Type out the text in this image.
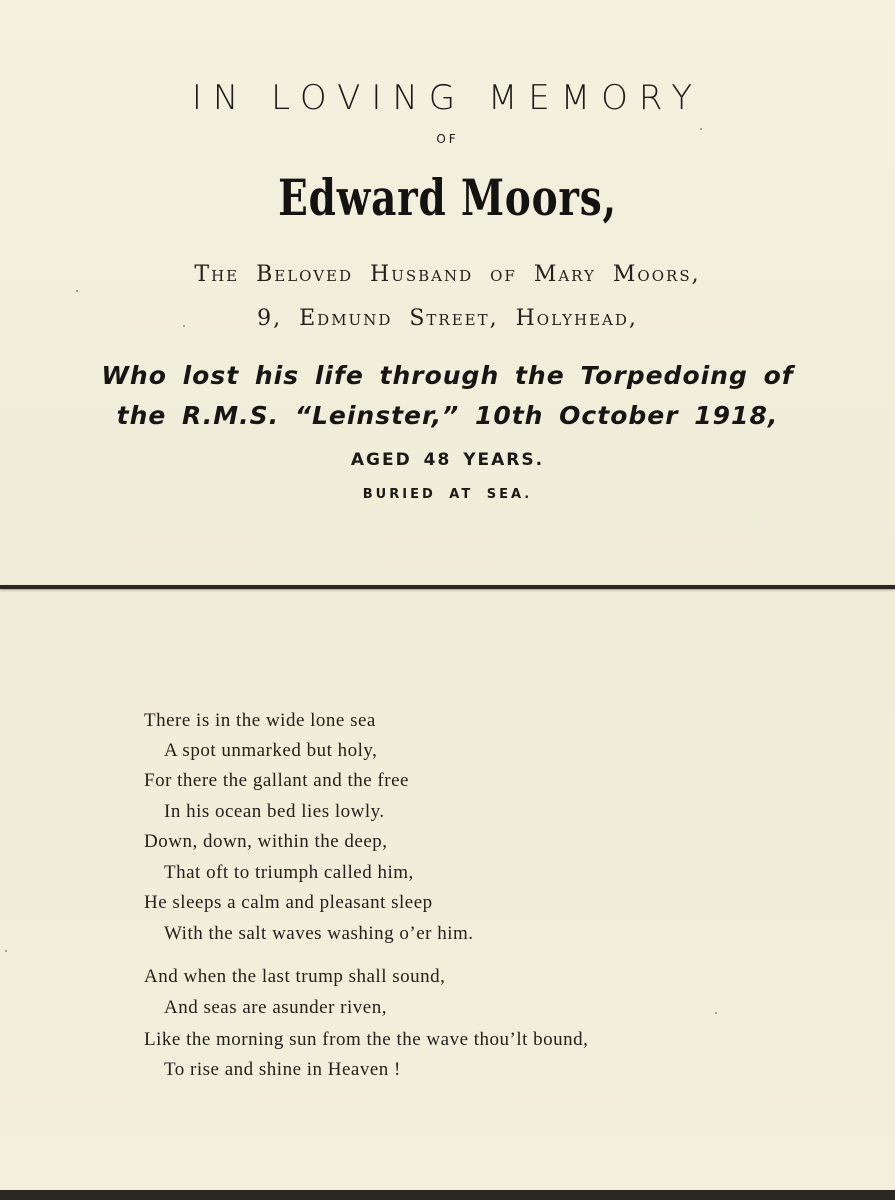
IN LOVING MEMORY
OF
Edward Moors,
The Beloved Husband of Mary Moors,
9, Edmund Street, Holyhead,
Who lost his life through the Torpedoing of
the R.M.S. “Leinster,” 10th October 1918,
AGED 48 YEARS.
BURIED AT SEA.
There is in the wide lone sea
A spot unmarked but holy,
For there the gallant and the free
In his ocean bed lies lowly.
Down, down, within the deep,
That oft to triumph called him,
He sleeps a calm and pleasant sleep
With the salt waves washing o’er him.
And when the last trump shall sound,
And seas are asunder riven,
Like the morning sun from the the wave thou’lt bound,
To rise and shine in Heaven !
